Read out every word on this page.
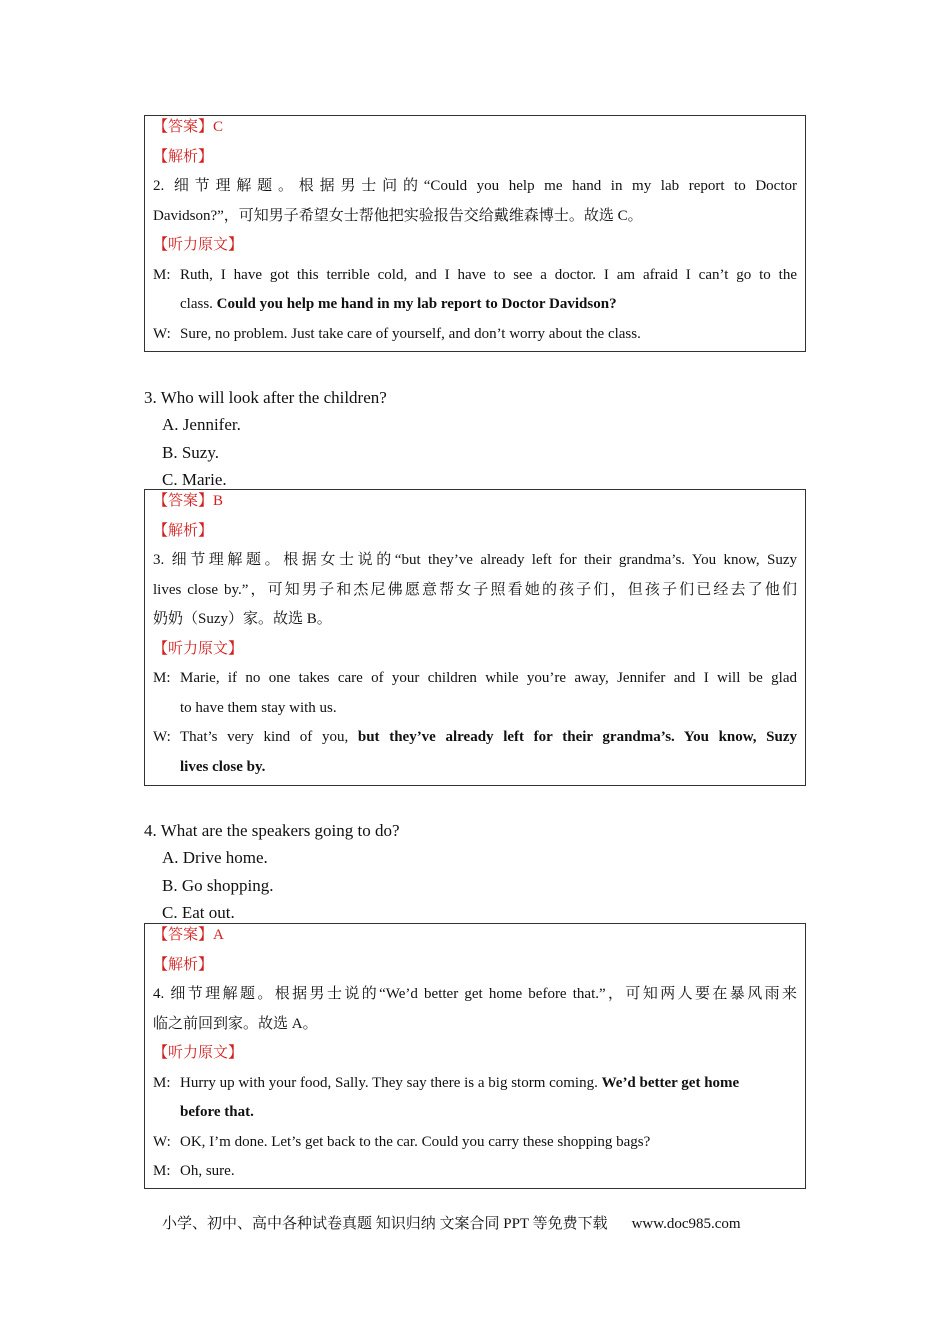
【答案】C
【解析】
2. 细节理解题。根据男士问的“Could you help me hand in my lab report to Doctor
Davidson?”，可知男子希望女士帮他把实验报告交给戴维森博士。故选 C。
【听力原文】
M: Ruth, I have got this terrible cold, and I have to see a doctor. I am afraid I can’t go to the
class. Could you help me hand in my lab report to Doctor Davidson?
W: Sure, no problem. Just take care of yourself, and don’t worry about the class.
3. Who will look after the children?
A. Jennifer.
B. Suzy.
C. Marie.
【答案】B
【解析】
3. 细节理解题。根据女士说的“but they’ve already left for their grandma’s. You know, Suzy
lives close by.”，可知男子和杰尼佛愿意帮女子照看她的孩子们，但孩子们已经去了他们
奶奶（Suzy）家。故选 B。
【听力原文】
M: Marie, if no one takes care of your children while you’re away, Jennifer and I will be glad
to have them stay with us.
W: That’s very kind of you, but they’ve already left for their grandma’s. You know, Suzy
lives close by.
4. What are the speakers going to do?
A. Drive home.
B. Go shopping.
C. Eat out.
【答案】A
【解析】
4. 细节理解题。根据男士说的“We’d better get home before that.”，可知两人要在暴风雨来
临之前回到家。故选 A。
【听力原文】
M: Hurry up with your food, Sally. They say there is a big storm coming. We’d better get home
before that.
W: OK, I’m done. Let’s get back to the car. Could you carry these shopping bags?
M: Oh, sure.
小学、初中、高中各种试卷真题 知识归纳 文案合同 PPT 等免费下载 www.doc985.com
